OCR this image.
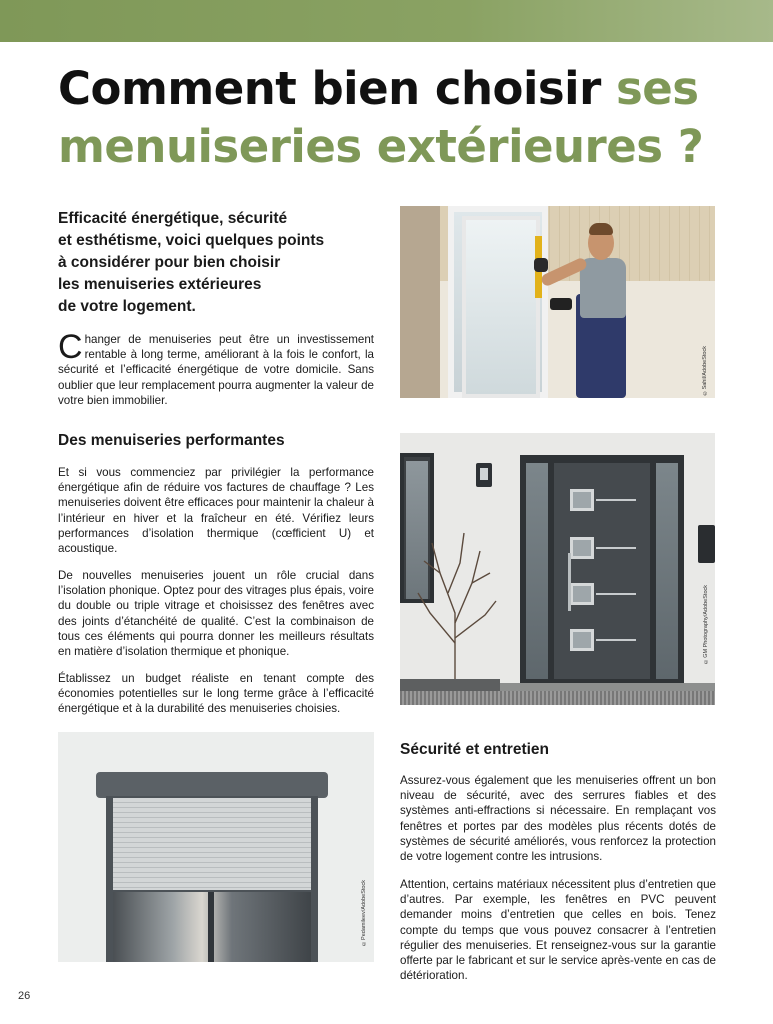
Comment bien choisir ses menuiseries extérieures ?
Efficacité énergétique, sécurité
et esthétisme, voici quelques points
à considérer pour bien choisir
les menuiseries extérieures
de votre logement.

Changer de menuiseries peut être un investissement rentable à long terme, améliorant à la fois le confort, la sécurité et l’efficacité énergétique de votre domicile. Sans oublier que leur remplacement pourra augmenter la valeur de votre bien immobilier.

Des menuiseries performantes

Et si vous commenciez par privilégier la performance énergétique afin de réduire vos factures de chauffage ? Les menuiseries doivent être efficaces pour maintenir la chaleur à l’intérieur en hiver et la fraîcheur en été. Vérifiez leurs performances d’isolation thermique (cœfficient U) et acoustique.

De nouvelles menuiseries jouent un rôle crucial dans l’isolation phonique. Optez pour des vitrages plus épais, voire du double ou triple vitrage et choisissez des fenêtres avec des joints d’étanchéité de qualité. C’est la combinaison de tous ces éléments qui pourra donner les meilleurs résultats en matière d’isolation thermique et phonique.

Établissez un budget réaliste en tenant compte des économies potentielles sur le long terme grâce à l’efficacité énergétique et à la durabilité des menuiseries choisies.

Sécurité et entretien

Assurez-vous également que les menuiseries offrent un bon niveau de sécurité, avec des serrures fiables et des systèmes anti-effractions si nécessaire. En remplaçant vos fenêtres et portes par des modèles plus récents dotés de systèmes de sécurité améliorés, vous renforcez la protection de votre logement contre les intrusions.

Attention, certains matériaux nécessitent plus d’entretien que d’autres. Par exemple, les fenêtres en PVC peuvent demander moins d’entretien que celles en bois. Tenez compte du temps que vous pouvez consacrer à l’entretien régulier des menuiseries. Et renseignez-vous sur la garantie offerte par le fabricant et sur le service après-vente en cas de détérioration.

©Sahil/AdobeStock
©GM Photography/AdobeStock
©Pedamileev/AdobeStock
26
